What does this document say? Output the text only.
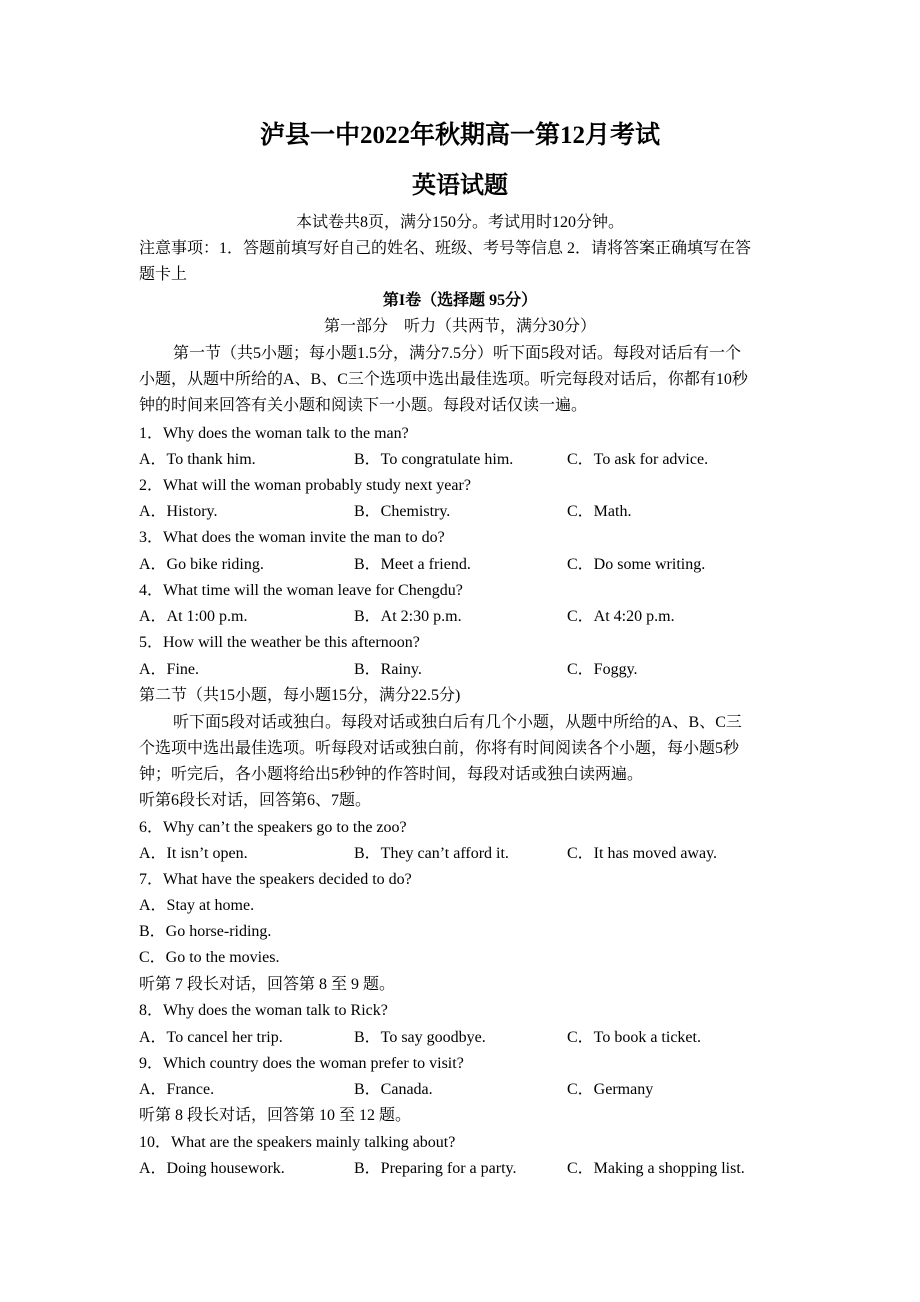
泸县一中2022年秋期高一第12月考试
英语试题
本试卷共8页，满分150分。考试用时120分钟。
注意事项：1．答题前填写好自己的姓名、班级、考号等信息 2．请将答案正确填写在答
题卡上
第I卷（选择题 95分）
第一部分　听力（共两节，满分30分）
第一节（共5小题；每小题1.5分，满分7.5分）听下面5段对话。每段对话后有一个
小题，从题中所给的A、B、C三个选项中选出最佳选项。听完每段对话后，你都有10秒
钟的时间来回答有关小题和阅读下一小题。每段对话仅读一遍。
1．Why does the woman talk to the man?
A．To thank him.	B．To congratulate him.	C．To ask for advice.
2．What will the woman probably study next year?
A．History.	B．Chemistry.	C．Math.
3．What does the woman invite the man to do?
A．Go bike riding.	B．Meet a friend.	C．Do some writing.
4．What time will the woman leave for Chengdu?
A．At 1:00 p.m.	B．At 2:30 p.m.	C．At 4:20 p.m.
5．How will the weather be this afternoon?
A．Fine.	B．Rainy.	C．Foggy.
第二节（共15小题，每小题15分，满分22.5分)
听下面5段对话或独白。每段对话或独白后有几个小题，从题中所给的A、B、C三
个选项中选出最佳选项。听每段对话或独白前，你将有时间阅读各个小题，每小题5秒
钟；听完后，各小题将给出5秒钟的作答时间，每段对话或独白读两遍。
听第6段长对话，回答第6、7题。
6．Why can’t the speakers go to the zoo?
A．It isn’t open.	B．They can’t afford it.	C．It has moved away.
7．What have the speakers decided to do?
A．Stay at home.
B．Go horse-riding.
C．Go to the movies.
听第 7 段长对话，回答第 8 至 9 题。
8．Why does the woman talk to Rick?
A．To cancel her trip.	B．To say goodbye.	C．To book a ticket.
9．Which country does the woman prefer to visit?
A．France.	B．Canada.	C．Germany
听第 8 段长对话，回答第 10 至 12 题。
10．What are the speakers mainly talking about?
A．Doing housework.	B．Preparing for a party.	C．Making a shopping list.
